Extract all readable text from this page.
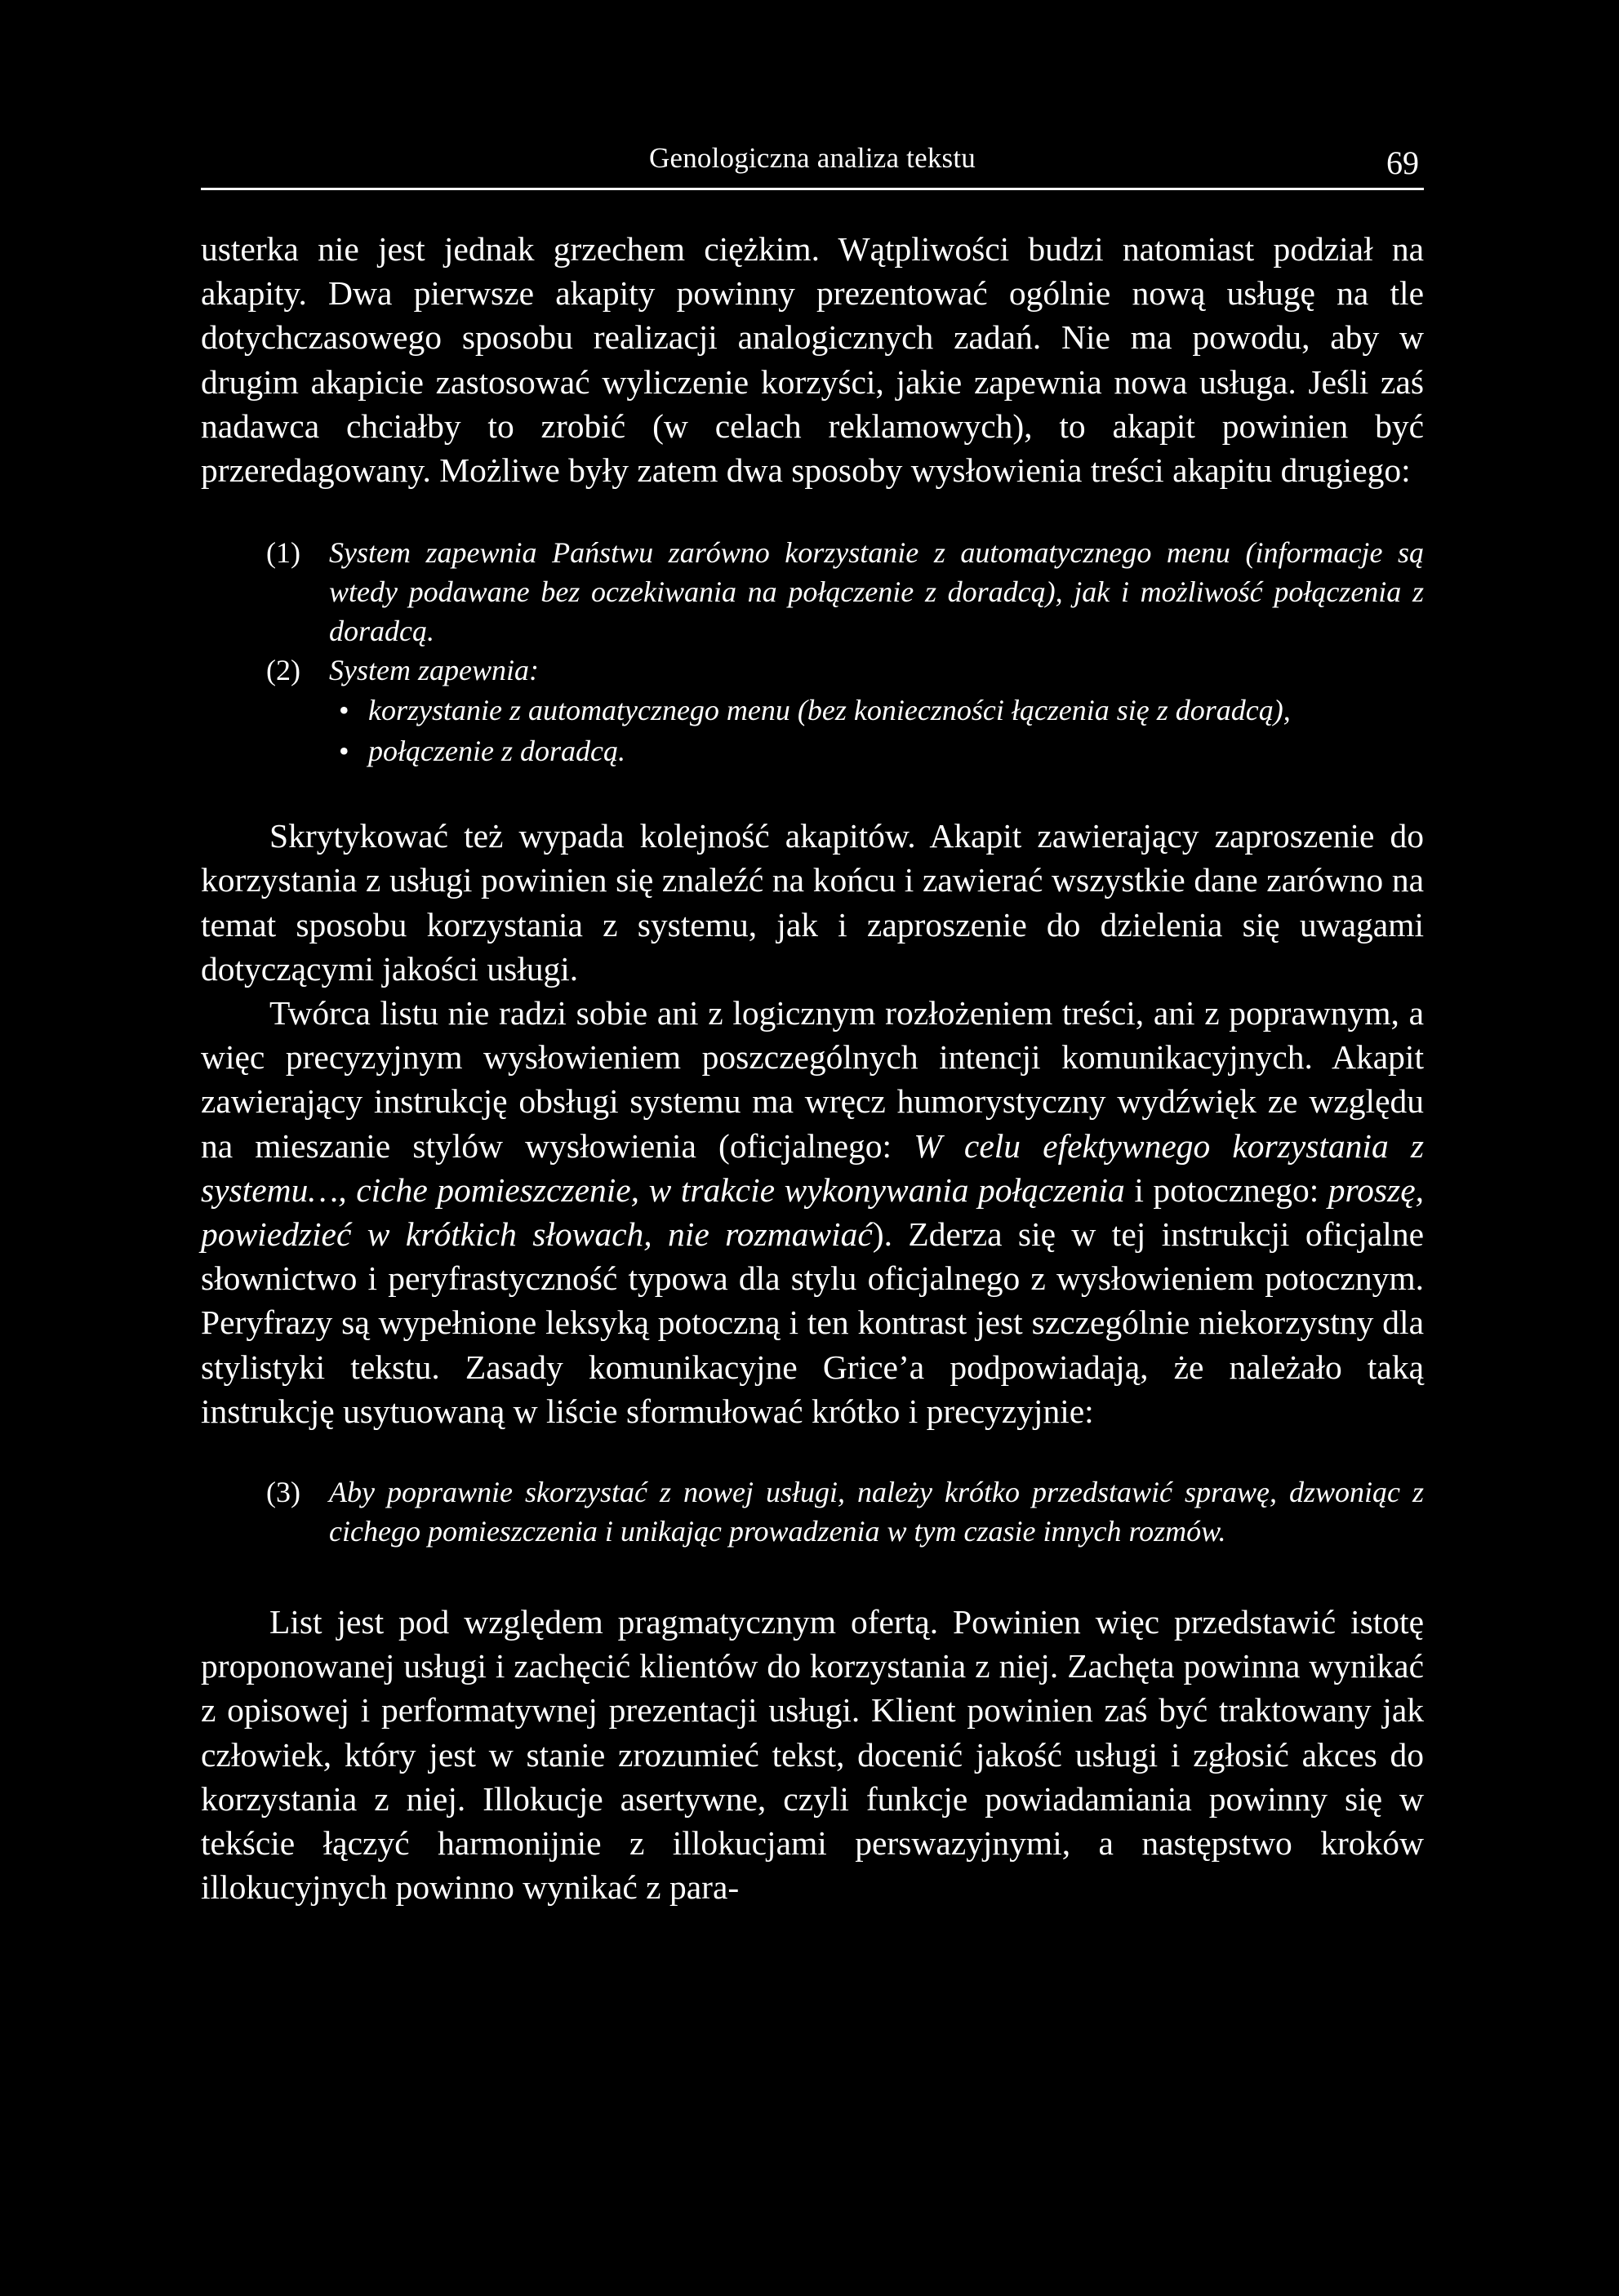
Genologiczna analiza tekstu	69

usterka nie jest jednak grzechem ciężkim. Wątpliwości budzi natomiast podział na akapity. Dwa pierwsze akapity powinny prezentować ogólnie nową usługę na tle dotychczasowego sposobu realizacji analogicznych zadań. Nie ma powodu, aby w drugim akapicie zastosować wyliczenie korzyści, jakie zapewnia nowa usługa. Jeśli zaś nadawca chciałby to zrobić (w celach reklamowych), to akapit powinien być przeredagowany. Możliwe były zatem dwa sposoby wysłowienia treści akapitu drugiego:

(1) System zapewnia Państwu zarówno korzystanie z automatycznego menu (informacje są wtedy podawane bez oczekiwania na połączenie z doradcą), jak i możliwość połączenia z doradcą.
(2) System zapewnia:
• korzystanie z automatycznego menu (bez konieczności łączenia się z doradcą),
• połączenie z doradcą.

Skrytykować też wypada kolejność akapitów. Akapit zawierający zaproszenie do korzystania z usługi powinien się znaleźć na końcu i zawierać wszystkie dane zarówno na temat sposobu korzystania z systemu, jak i zaproszenie do dzielenia się uwagami dotyczącymi jakości usługi.

Twórca listu nie radzi sobie ani z logicznym rozłożeniem treści, ani z poprawnym, a więc precyzyjnym wysłowieniem poszczególnych intencji komunikacyjnych. Akapit zawierający instrukcję obsługi systemu ma wręcz humorystyczny wydźwięk ze względu na mieszanie stylów wysłowienia (oficjalnego: W celu efektywnego korzystania z systemu…, ciche pomieszczenie, w trakcie wykonywania połączenia i potocznego: proszę, powiedzieć w krótkich słowach, nie rozmawiać). Zderza się w tej instrukcji oficjalne słownictwo i peryfrastyczność typowa dla stylu oficjalnego z wysłowieniem potocznym. Peryfrazy są wypełnione leksyką potoczną i ten kontrast jest szczególnie niekorzystny dla stylistyki tekstu. Zasady komunikacyjne Grice’a podpowiadają, że należało taką instrukcję usytuowaną w liście sformułować krótko i precyzyjnie:

(3) Aby poprawnie skorzystać z nowej usługi, należy krótko przedstawić sprawę, dzwoniąc z cichego pomieszczenia i unikając prowadzenia w tym czasie innych rozmów.

List jest pod względem pragmatycznym ofertą. Powinien więc przedstawić istotę proponowanej usługi i zachęcić klientów do korzystania z niej. Zachęta powinna wynikać z opisowej i performatywnej prezentacji usługi. Klient powinien zaś być traktowany jak człowiek, który jest w stanie zrozumieć tekst, docenić jakość usługi i zgłosić akces do korzystania z niej. Illokucje asertywne, czyli funkcje powiadamiania powinny się w tekście łączyć harmonijnie z illokucjami perswazyjnymi, a następstwo kroków illokucyjnych powinno wynikać z para-
